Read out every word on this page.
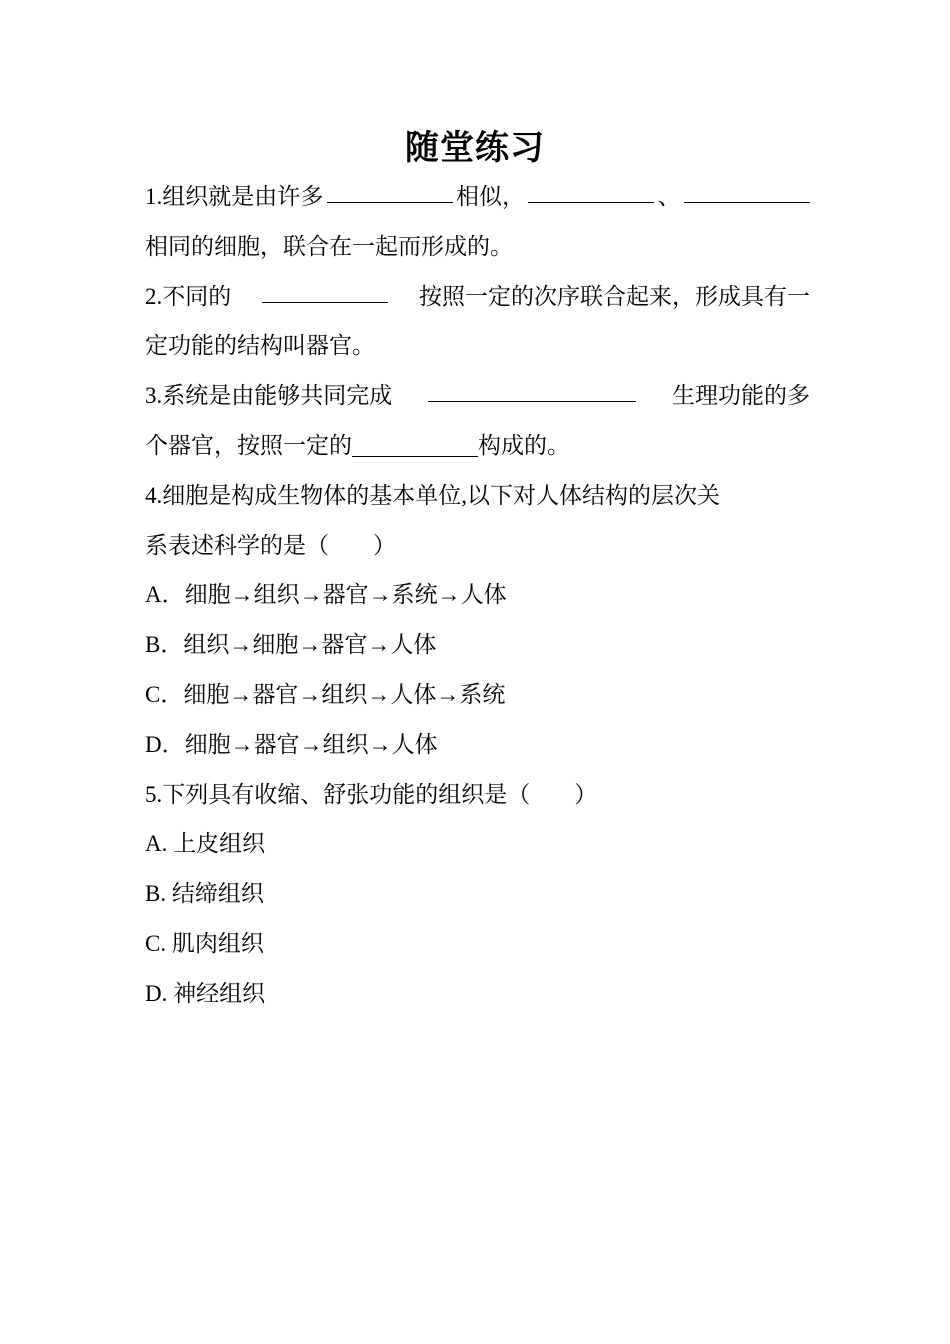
随堂练习
1.组织就是由许多	相似，	、
相同的细胞，联合在一起而形成的。
2.不同的	按照一定的次序联合起来，形成具有一
定功能的结构叫器官。
3.系统是由能够共同完成	生理功能的多
个器官，按照一定的	构成的。
4.细胞是构成生物体的基本单位,以下对人体结构的层次关
系表述科学的是（ ）
A．细胞→组织→器官→系统→人体
B．组织→细胞→器官→人体
C．细胞→器官→组织→人体→系统
D．细胞→器官→组织→人体
5.下列具有收缩、舒张功能的组织是（ ）
A. 上皮组织
B. 结缔组织
C. 肌肉组织
D. 神经组织
